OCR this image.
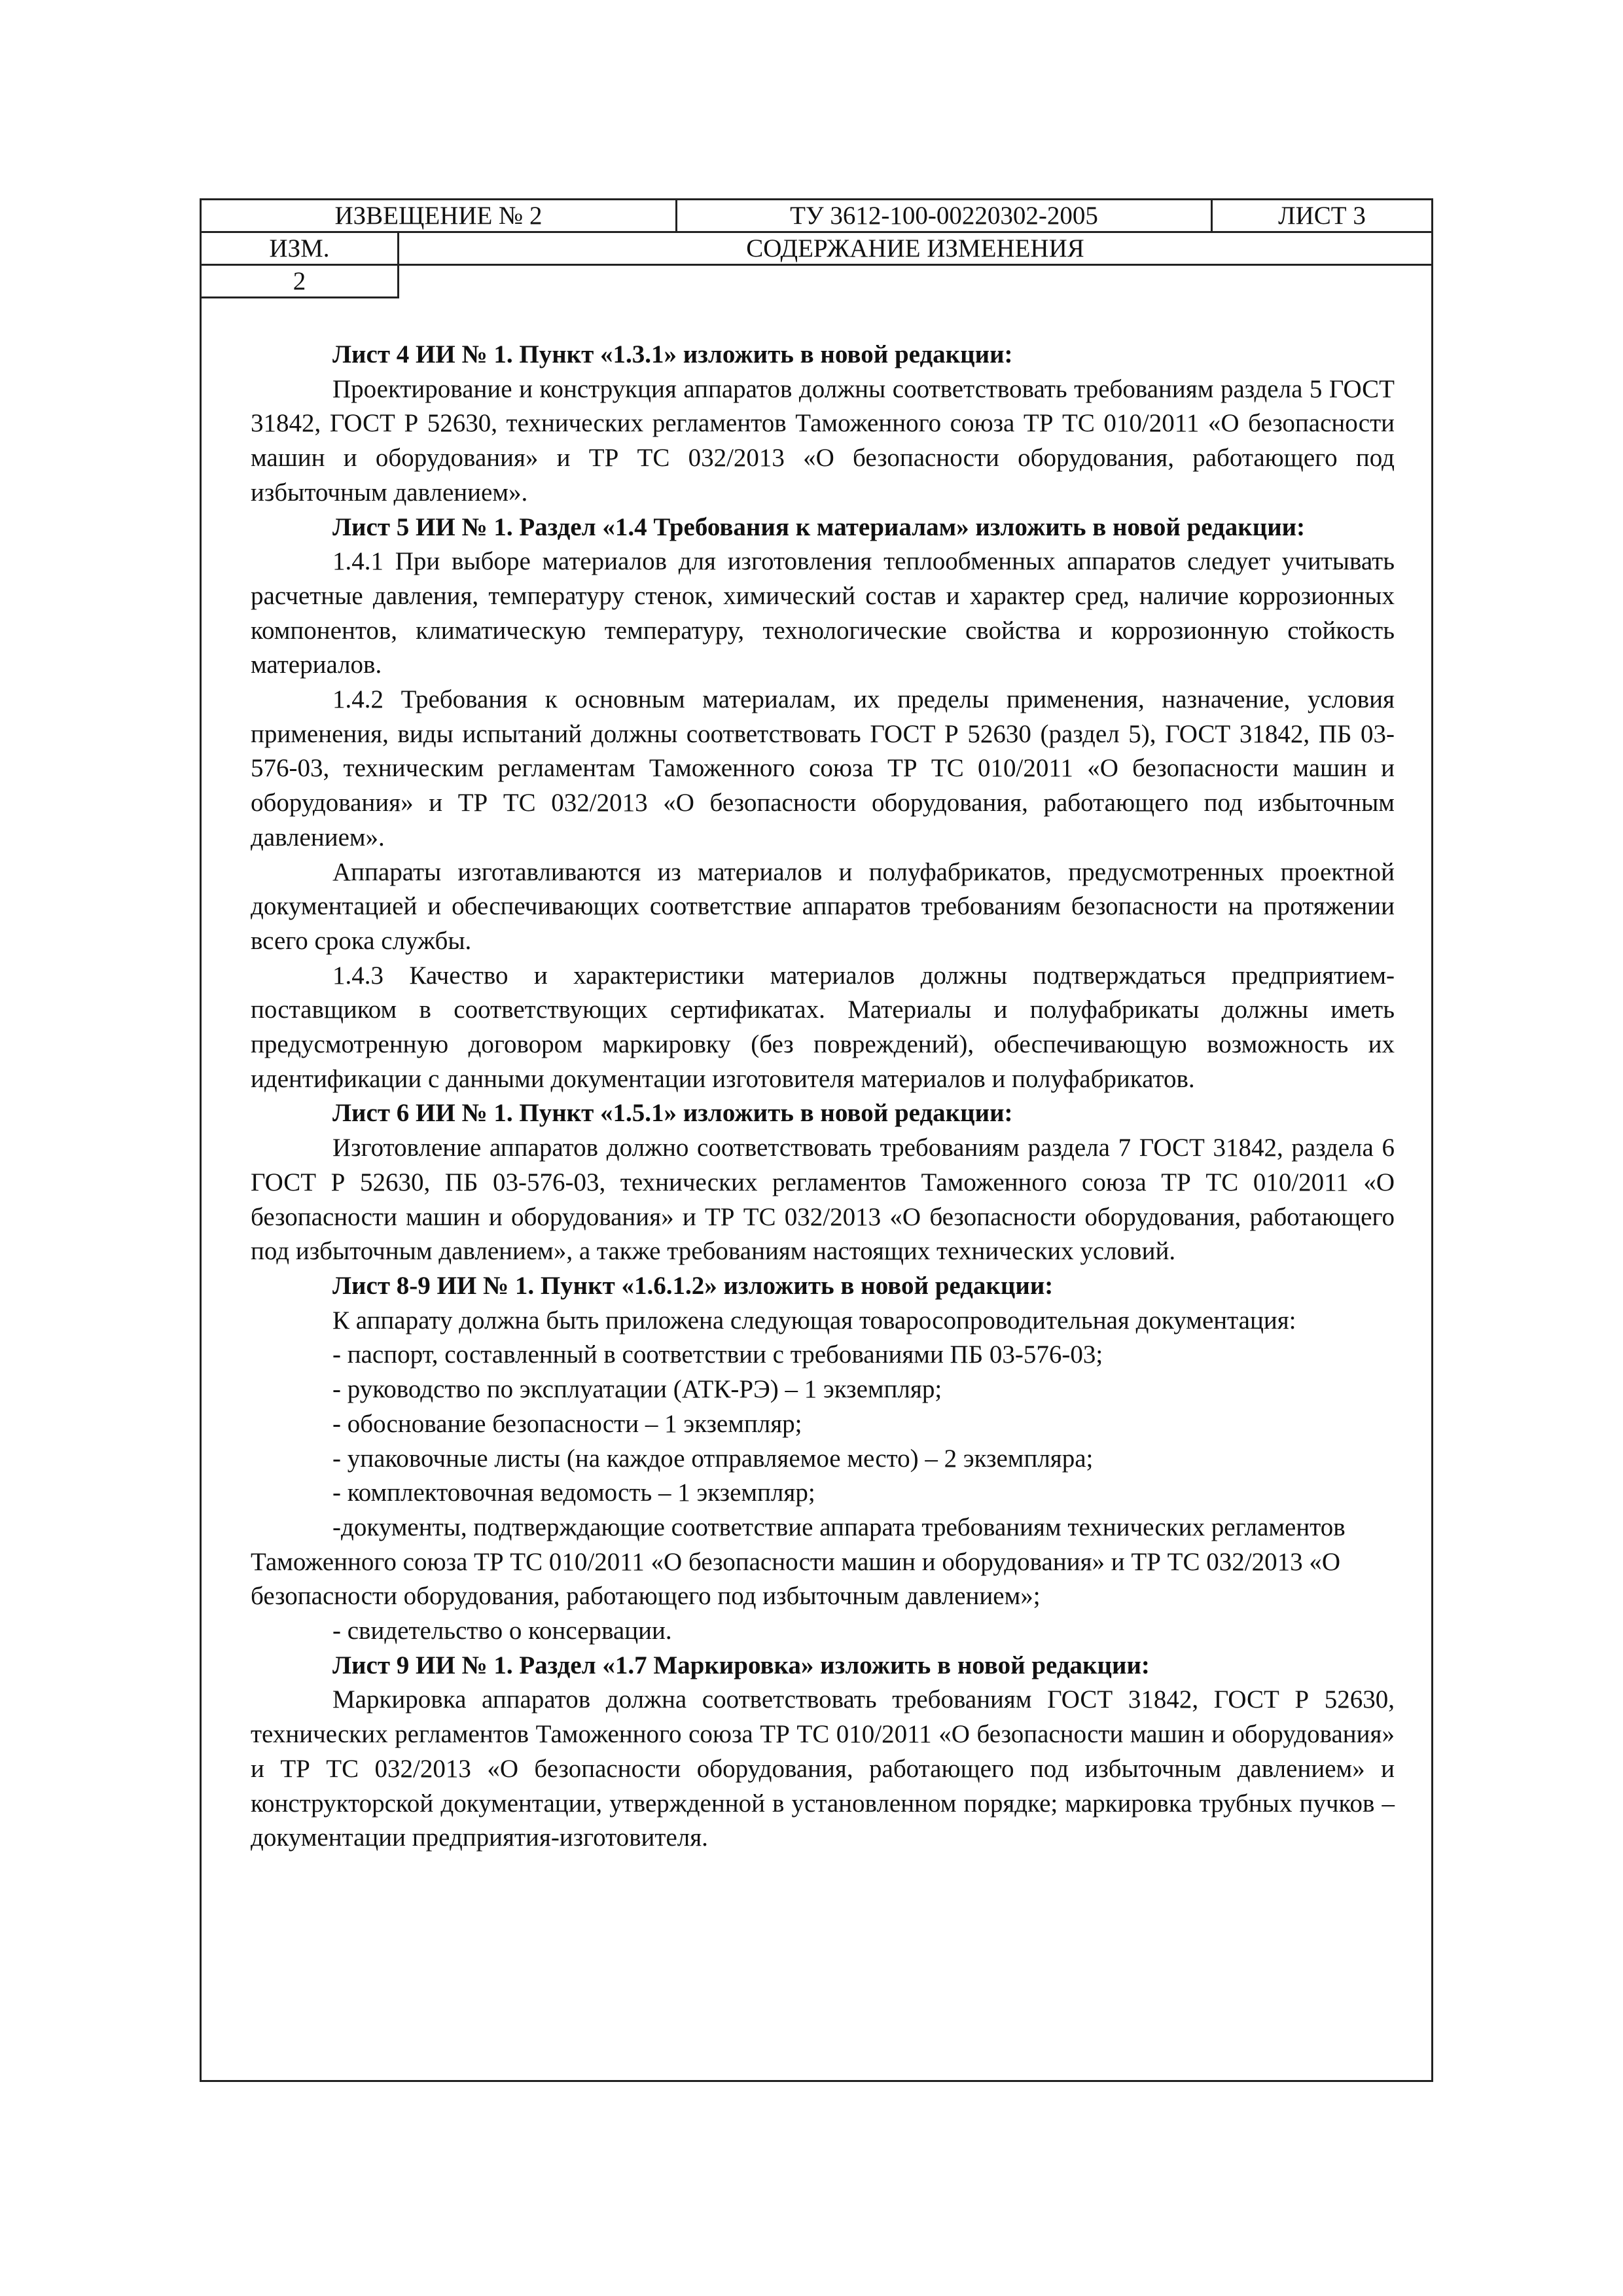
ИЗВЕЩЕНИЕ № 2	ТУ 3612-100-00220302-2005	ЛИСТ 3
ИЗМ.	СОДЕРЖАНИЕ ИЗМЕНЕНИЯ
2

Лист 4 ИИ № 1. Пункт «1.3.1» изложить в новой редакции:

Проектирование и конструкция аппаратов должны соответствовать требованиям раздела 5 ГОСТ 31842, ГОСТ Р 52630, технических регламентов Таможенного союза ТР ТС 010/2011 «О безопасности машин и оборудования» и ТР ТС 032/2013 «О безопасности оборудования, работающего под избыточным давлением».

Лист 5 ИИ № 1. Раздел «1.4 Требования к материалам» изложить в новой редакции:

1.4.1 При выборе материалов для изготовления теплообменных аппаратов следует учитывать расчетные давления, температуру стенок, химический состав и характер сред, наличие коррозионных компонентов, климатическую температуру, технологические свойства и коррозионную стойкость материалов.

1.4.2 Требования к основным материалам, их пределы применения, назначение, условия применения, виды испытаний должны соответствовать ГОСТ Р 52630 (раздел 5), ГОСТ 31842, ПБ 03-576-03, техническим регламентам Таможенного союза ТР ТС 010/2011 «О безопасности машин и оборудования» и ТР ТС 032/2013 «О безопасности оборудования, работающего под избыточным давлением».

Аппараты изготавливаются из материалов и полуфабрикатов, предусмотренных проектной документацией и обеспечивающих соответствие аппаратов требованиям безопасности на протяжении всего срока службы.

1.4.3 Качество и характеристики материалов должны подтверждаться предприятием-поставщиком в соответствующих сертификатах. Материалы и полуфабрикаты должны иметь предусмотренную договором маркировку (без повреждений), обеспечивающую возможность их идентификации с данными документации изготовителя материалов и полуфабрикатов.

Лист 6 ИИ № 1. Пункт «1.5.1» изложить в новой редакции:

Изготовление аппаратов должно соответствовать требованиям раздела 7 ГОСТ 31842, раздела 6 ГОСТ Р 52630, ПБ 03-576-03, технических регламентов Таможенного союза ТР ТС 010/2011 «О безопасности машин и оборудования» и ТР ТС 032/2013 «О безопасности оборудования, работающего под избыточным давлением», а также требованиям настоящих технических условий.

Лист 8-9 ИИ № 1. Пункт «1.6.1.2» изложить в новой редакции:

К аппарату должна быть приложена следующая товаросопроводительная документация:

- паспорт, составленный в соответствии с требованиями ПБ 03-576-03;

- руководство по эксплуатации (АТК-РЭ) – 1 экземпляр;

- обоснование безопасности – 1 экземпляр;

- упаковочные листы (на каждое отправляемое место) – 2 экземпляра;

- комплектовочная ведомость – 1 экземпляр;

-документы, подтверждающие соответствие аппарата требованиям технических регламентов Таможенного союза ТР ТС 010/2011 «О безопасности машин и оборудования» и ТР ТС 032/2013 «О безопасности оборудования, работающего под избыточным давлением»;

- свидетельство о консервации.

Лист 9 ИИ № 1. Раздел «1.7 Маркировка» изложить в новой редакции:

Маркировка аппаратов должна соответствовать требованиям ГОСТ 31842, ГОСТ Р 52630, технических регламентов Таможенного союза ТР ТС 010/2011 «О безопасности машин и оборудования» и ТР ТС 032/2013 «О безопасности оборудования, работающего под избыточным давлением» и конструкторской документации, утвержденной в установленном порядке; маркировка трубных пучков – документации предприятия-изготовителя.
